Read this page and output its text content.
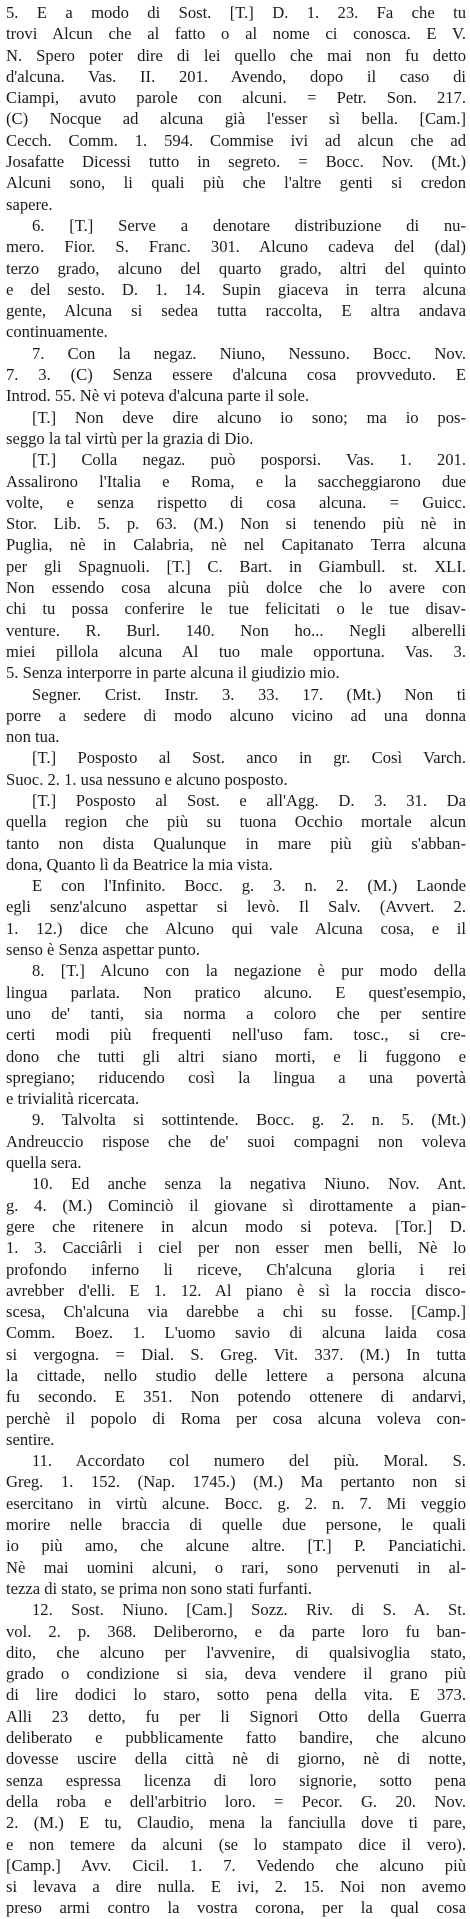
5. E a modo di Sost. [T.] D. 1. 23. Fa che tu
trovi Alcun che al fatto o al nome ci conosca. E V.
N. Spero poter dire di lei quello che mai non fu detto
d'alcuna. Vas. II. 201. Avendo, dopo il caso di
Ciampi, avuto parole con alcuni. = Petr. Son. 217.
(C) Nocque ad alcuna già l'esser sì bella. [Cam.]
Cecch. Comm. 1. 594. Commise ivi ad alcun che ad
Josafatte Dicessi tutto in segreto. = Bocc. Nov. (Mt.)
Alcuni sono, li quali più che l'altre genti si credon
sapere.
6. [T.] Serve a denotare distribuzione di nu-
mero. Fior. S. Franc. 301. Alcuno cadeva del (dal)
terzo grado, alcuno del quarto grado, altri del quinto
e del sesto. D. 1. 14. Supin giaceva in terra alcuna
gente, Alcuna si sedea tutta raccolta, E altra andava
continuamente.
7. Con la negaz. Niuno, Nessuno. Bocc. Nov.
7. 3. (C) Senza essere d'alcuna cosa provveduto. E
Introd. 55. Nè vi poteva d'alcuna parte il sole.
[T.] Non deve dire alcuno io sono; ma io pos-
seggo la tal virtù per la grazia di Dio.
[T.] Colla negaz. può posporsi. Vas. 1. 201.
Assalirono l'Italia e Roma, e la saccheggiarono due
volte, e senza rispetto di cosa alcuna. = Guicc.
Stor. Lib. 5. p. 63. (M.) Non si tenendo più nè in
Puglia, nè in Calabria, nè nel Capitanato Terra alcuna
per gli Spagnuoli. [T.] C. Bart. in Giambull. st. XLI.
Non essendo cosa alcuna più dolce che lo avere con
chi tu possa conferire le tue felicitati o le tue disav-
venture. R. Burl. 140. Non ho... Negli alberelli
miei pillola alcuna Al tuo male opportuna. Vas. 3.
5. Senza interporre in parte alcuna il giudizio mio.
Segner. Crist. Instr. 3. 33. 17. (Mt.) Non ti
porre a sedere di modo alcuno vicino ad una donna
non tua.
[T.] Posposto al Sost. anco in gr. Così Varch.
Suoc. 2. 1. usa nessuno e alcuno posposto.
[T.] Posposto al Sost. e all'Agg. D. 3. 31. Da
quella region che più su tuona Occhio mortale alcun
tanto non dista Qualunque in mare più giù s'abban-
dona, Quanto lì da Beatrice la mia vista.
E con l'Infinito. Bocc. g. 3. n. 2. (M.) Laonde
egli senz'alcuno aspettar si levò. Il Salv. (Avvert. 2.
1. 12.) dice che Alcuno qui vale Alcuna cosa, e il
senso è Senza aspettar punto.
8. [T.] Alcuno con la negazione è pur modo della
lingua parlata. Non pratico alcuno. E quest'esempio,
uno de' tanti, sia norma a coloro che per sentire
certi modi più frequenti nell'uso fam. tosc., si cre-
dono che tutti gli altri siano morti, e li fuggono e
spregiano; riducendo così la lingua a una povertà
e trivialità ricercata.
9. Talvolta si sottintende. Bocc. g. 2. n. 5. (Mt.)
Andreuccio rispose che de' suoi compagni non voleva
quella sera.
10. Ed anche senza la negativa Niuno. Nov. Ant.
g. 4. (M.) Cominciò il giovane sì dirottamente a pian-
gere che ritenere in alcun modo si poteva. [Tor.] D.
1. 3. Cacciârli i ciel per non esser men belli, Nè lo
profondo inferno li riceve, Ch'alcuna gloria i rei
avrebber d'elli. E 1. 12. Al piano è sì la roccia disco-
scesa, Ch'alcuna via darebbe a chi su fosse. [Camp.]
Comm. Boez. 1. L'uomo savio di alcuna laida cosa
si vergogna. = Dial. S. Greg. Vit. 337. (M.) In tutta
la cittade, nello studio delle lettere a persona alcuna
fu secondo. E 351. Non potendo ottenere di andarvi,
perchè il popolo di Roma per cosa alcuna voleva con-
sentire.
11. Accordato col numero del più. Moral. S.
Greg. 1. 152. (Nap. 1745.) (M.) Ma pertanto non si
esercitano in virtù alcune. Bocc. g. 2. n. 7. Mi veggio
morire nelle braccia di quelle due persone, le quali
io più amo, che alcune altre. [T.] P. Panciatichi.
Nè mai uomini alcuni, o rari, sono pervenuti in al-
tezza di stato, se prima non sono stati furfanti.
12. Sost. Niuno. [Cam.] Sozz. Riv. di S. A. St.
vol. 2. p. 368. Deliberorno, e da parte loro fu ban-
dito, che alcuno per l'avvenire, di qualsivoglia stato,
grado o condizione si sia, deva vendere il grano più
di lire dodici lo staro, sotto pena della vita. E 373.
Alli 23 detto, fu per li Signori Otto della Guerra
deliberato e pubblicamente fatto bandire, che alcuno
dovesse uscire della città nè di giorno, nè di notte,
senza espressa licenza di loro signorie, sotto pena
della roba e dell'arbitrio loro. = Pecor. G. 20. Nov.
2. (M.) E tu, Claudio, mena la fanciulla dove ti pare,
e non temere da alcuni (se lo stampato dice il vero).
[Camp.] Avv. Cicil. 1. 7. Vedendo che alcuno più
si levava a dire nulla. E ivi, 2. 15. Noi non avemo
preso armi contro la vostra corona, per la qual cosa
